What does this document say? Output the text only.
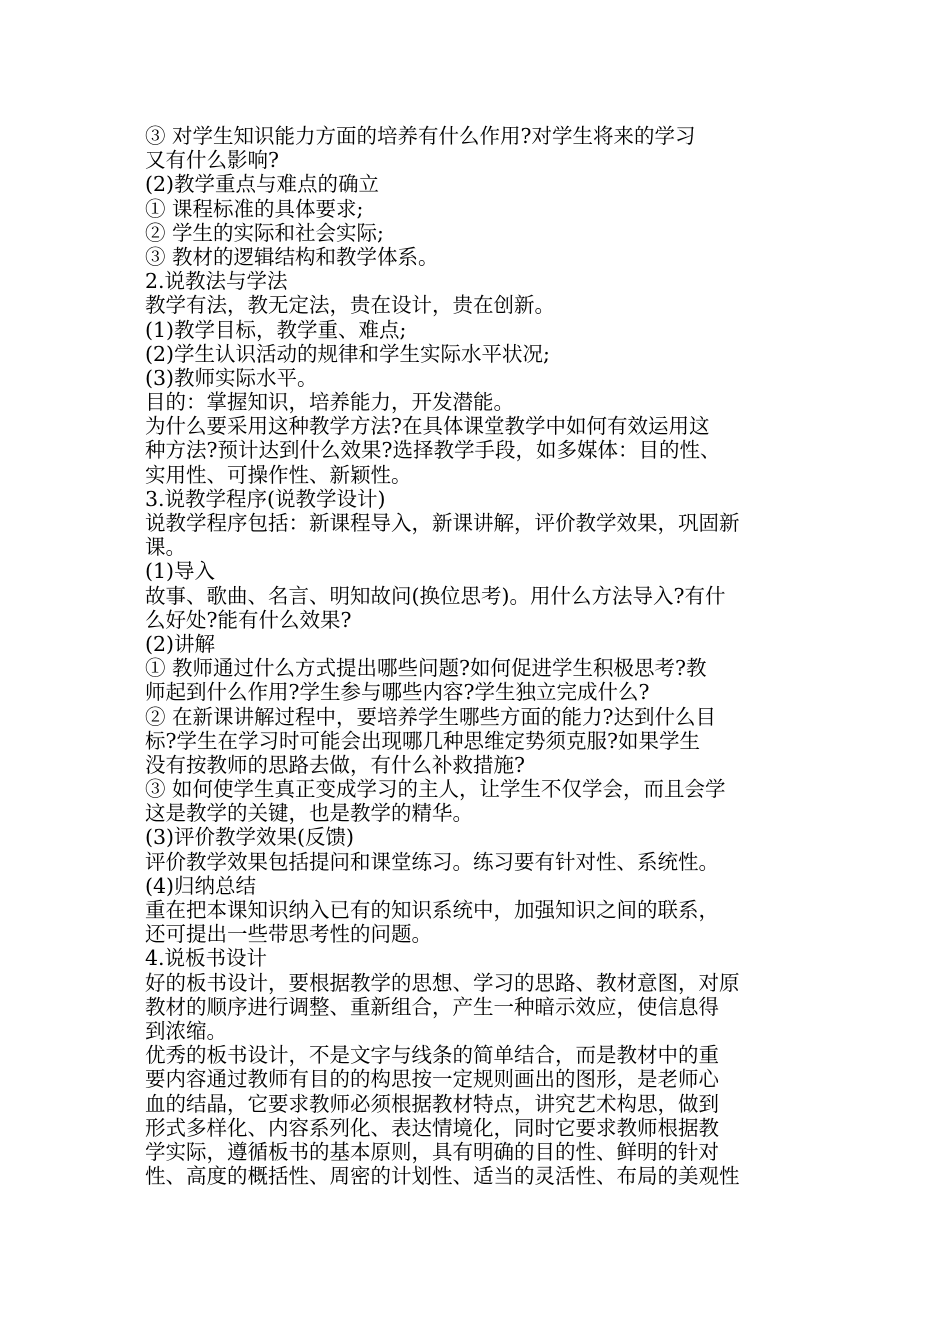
③ 对学生知识能力方面的培养有什么作用?对学生将来的学习
又有什么影响?
(2)教学重点与难点的确立
① 课程标准的具体要求;
② 学生的实际和社会实际;
③ 教材的逻辑结构和教学体系。
2.说教法与学法
教学有法，教无定法，贵在设计，贵在创新。
(1)教学目标，教学重、难点;
(2)学生认识活动的规律和学生实际水平状况;
(3)教师实际水平。
目的：掌握知识，培养能力，开发潜能。
为什么要采用这种教学方法?在具体课堂教学中如何有效运用这
种方法?预计达到什么效果?选择教学手段，如多媒体：目的性、
实用性、可操作性、新颖性。
3.说教学程序(说教学设计)
说教学程序包括：新课程导入，新课讲解，评价教学效果，巩固新
课。
(1)导入
故事、歌曲、名言、明知故问(换位思考)。用什么方法导入?有什
么好处?能有什么效果?
(2)讲解
① 教师通过什么方式提出哪些问题?如何促进学生积极思考?教
师起到什么作用?学生参与哪些内容?学生独立完成什么?
② 在新课讲解过程中，要培养学生哪些方面的能力?达到什么目
标?学生在学习时可能会出现哪几种思维定势须克服?如果学生
没有按教师的思路去做，有什么补救措施?
③ 如何使学生真正变成学习的主人，让学生不仅学会，而且会学
这是教学的关键，也是教学的精华。
(3)评价教学效果(反馈)
评价教学效果包括提问和课堂练习。练习要有针对性、系统性。
(4)归纳总结
重在把本课知识纳入已有的知识系统中，加强知识之间的联系，
还可提出一些带思考性的问题。
4.说板书设计
好的板书设计，要根据教学的思想、学习的思路、教材意图，对原
教材的顺序进行调整、重新组合，产生一种暗示效应，使信息得
到浓缩。
优秀的板书设计，不是文字与线条的简单结合，而是教材中的重
要内容通过教师有目的的构思按一定规则画出的图形，是老师心
血的结晶，它要求教师必须根据教材特点，讲究艺术构思，做到
形式多样化、内容系列化、表达情境化，同时它要求教师根据教
学实际，遵循板书的基本原则，具有明确的目的性、鲜明的针对
性、高度的概括性、周密的计划性、适当的灵活性、布局的美观性
